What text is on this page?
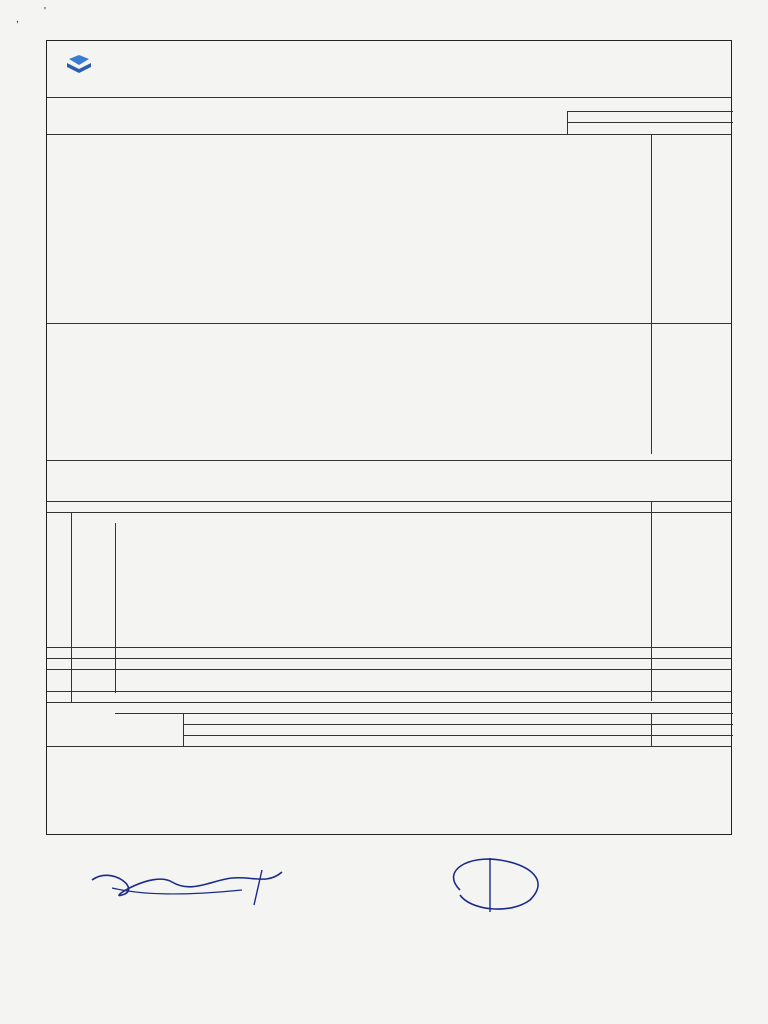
,
'
